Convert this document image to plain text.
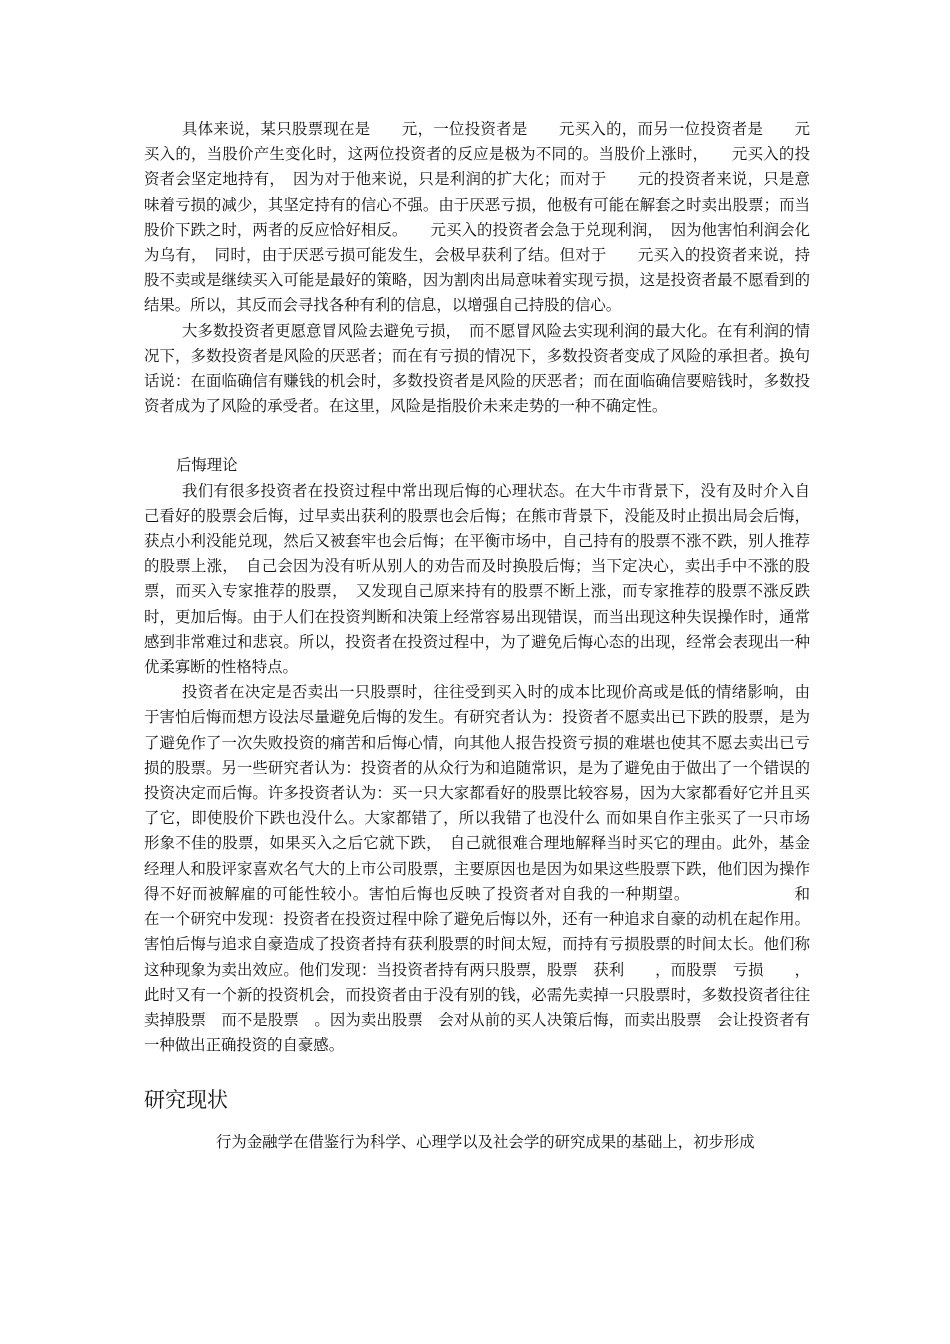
具体来说，某只股票现在是　　元，一位投资者是　　元买入的，而另一位投资者是　　元买入的，当股价产生变化时，这两位投资者的反应是极为不同的。当股价上涨时，　　元买入的投资者会坚定地持有，　因为对于他来说，只是利润的扩大化；而对于　　元的投资者来说，只是意味着亏损的减少，其坚定持有的信心不强。由于厌恶亏损，他极有可能在解套之时卖出股票；而当股价下跌之时，两者的反应恰好相反。　　元买入的投资者会急于兑现利润，　因为他害怕利润会化为乌有，　同时，由于厌恶亏损可能发生，会极早获利了结。但对于　　元买入的投资者来说，持股不卖或是继续买入可能是最好的策略，因为割肉出局意味着实现亏损，这是投资者最不愿看到的结果。所以，其反而会寻找各种有利的信息，以增强自己持股的信心。

大多数投资者更愿意冒风险去避免亏损，　而不愿冒风险去实现利润的最大化。在有利润的情况下，多数投资者是风险的厌恶者；而在有亏损的情况下，多数投资者变成了风险的承担者。换句话说：在面临确信有赚钱的机会时，多数投资者是风险的厌恶者；而在面临确信要赔钱时，多数投资者成为了风险的承受者。在这里，风险是指股价未来走势的一种不确定性。

后悔理论

我们有很多投资者在投资过程中常出现后悔的心理状态。在大牛市背景下，没有及时介入自己看好的股票会后悔，过早卖出获利的股票也会后悔；在熊市背景下，没能及时止损出局会后悔，获点小利没能兑现，然后又被套牢也会后悔；在平衡市场中，自己持有的股票不涨不跌，别人推荐的股票上涨，　自己会因为没有听从别人的劝告而及时换股后悔；当下定决心，卖出手中不涨的股票，而买入专家推荐的股票，　又发现自己原来持有的股票不断上涨，而专家推荐的股票不涨反跌时，更加后悔。由于人们在投资判断和决策上经常容易出现错误，而当出现这种失误操作时，通常感到非常难过和悲哀。所以，投资者在投资过程中，为了避免后悔心态的出现，经常会表现出一种优柔寡断的性格特点。

投资者在决定是否卖出一只股票时，往往受到买入时的成本比现价高或是低的情绪影响，由于害怕后悔而想方设法尽量避免后悔的发生。有研究者认为：投资者不愿卖出已下跌的股票，是为了避免作了一次失败投资的痛苦和后悔心情，向其他人报告投资亏损的难堪也使其不愿去卖出已亏损的股票。另一些研究者认为：投资者的从众行为和追随常识，是为了避免由于做出了一个错误的投资决定而后悔。许多投资者认为：买一只大家都看好的股票比较容易，因为大家都看好它并且买了它，即使股价下跌也没什么。大家都错了，所以我错了也没什么 而如果自作主张买了一只市场形象不佳的股票，如果买入之后它就下跌，　自己就很难合理地解释当时买它的理由。此外，基金经理人和股评家喜欢名气大的上市公司股票，主要原因也是因为如果这些股票下跌，他们因为操作得不好而被解雇的可能性较小。害怕后悔也反映了投资者对自我的一种期望。　　　　　　　和　　　　　　　在一个研究中发现：投资者在投资过程中除了避免后悔以外，还有一种追求自豪的动机在起作用。害怕后悔与追求自豪造成了投资者持有获利股票的时间太短，而持有亏损股票的时间太长。他们称这种现象为卖出效应。他们发现：当投资者持有两只股票，股票　获利　　，而股票　亏损　　，此时又有一个新的投资机会，而投资者由于没有别的钱，必需先卖掉一只股票时，多数投资者往往卖掉股票　而不是股票　。因为卖出股票　会对从前的买人决策后悔，而卖出股票　会让投资者有一种做出正确投资的自豪感。

研究现状

行为金融学在借鉴行为科学、心理学以及社会学的研究成果的基础上，初步形成
